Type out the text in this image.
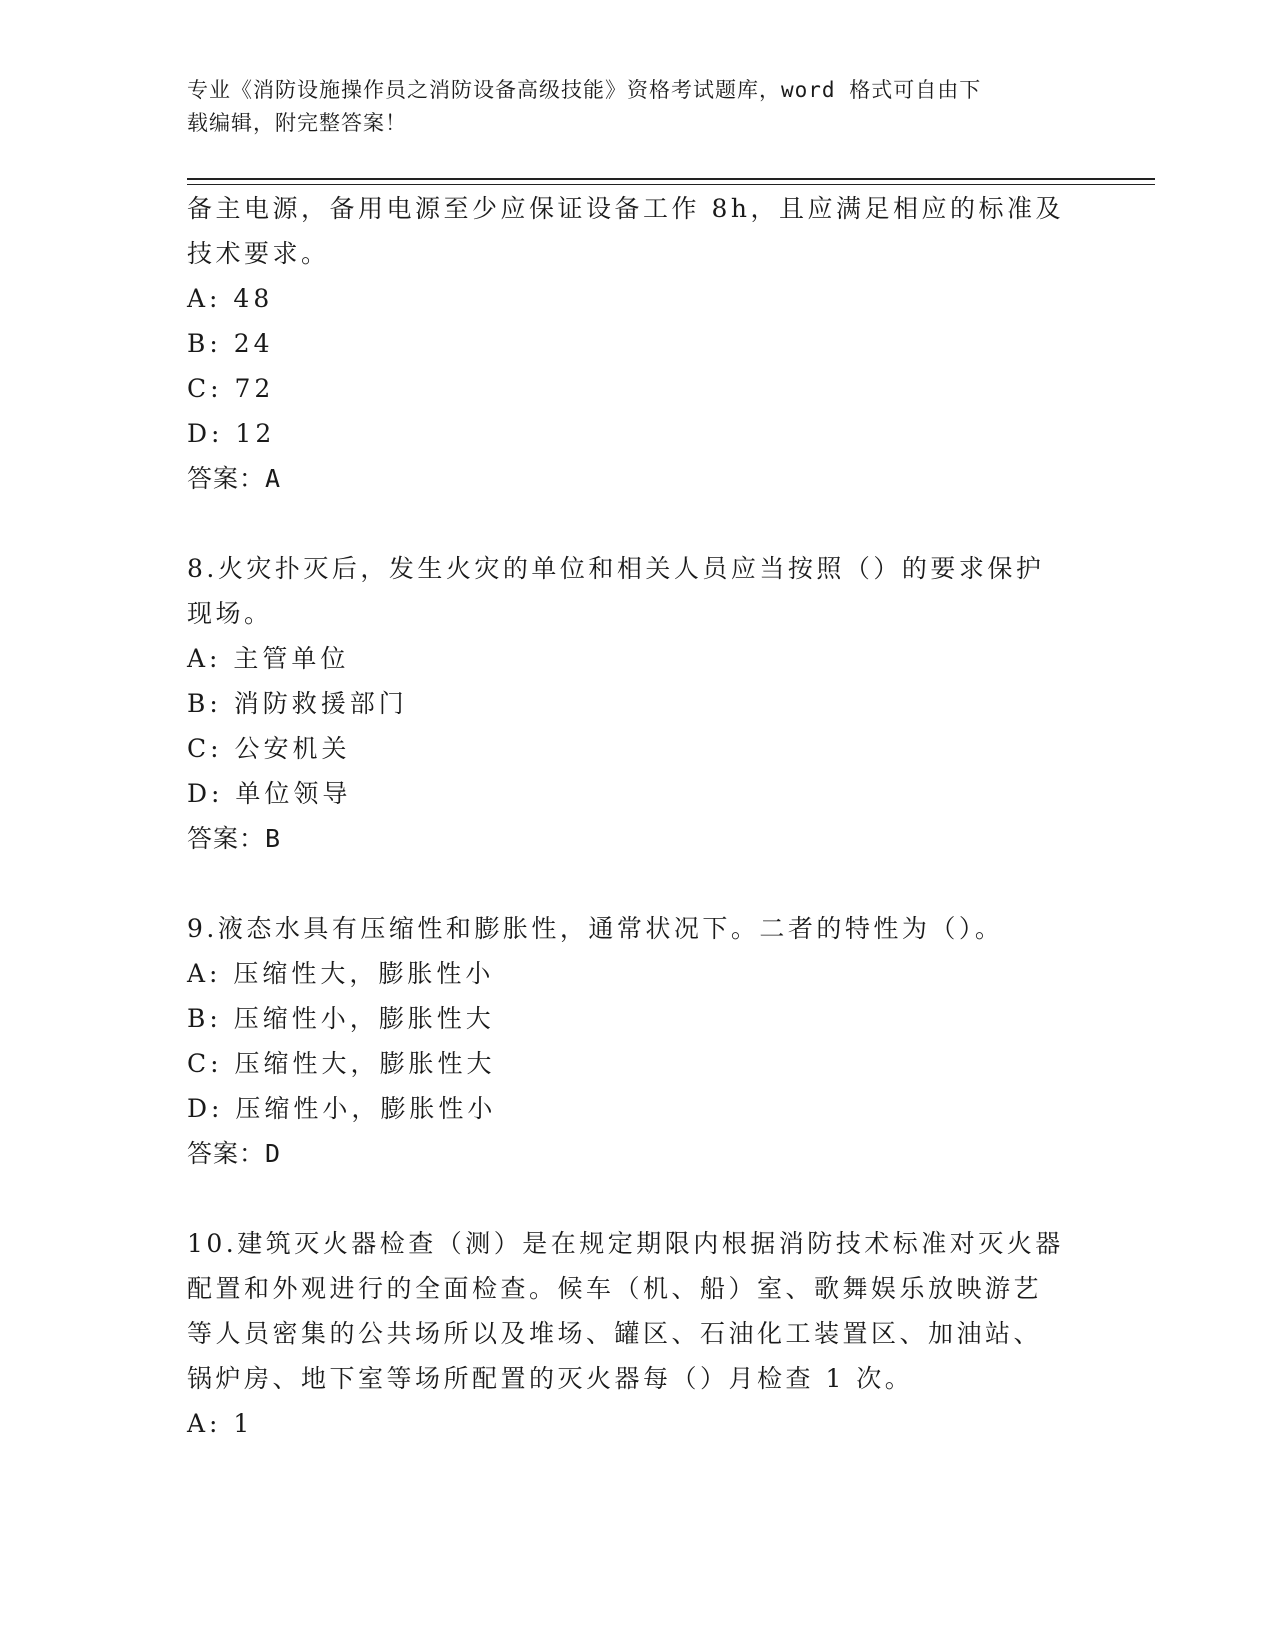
专业《消防设施操作员之消防设备高级技能》资格考试题库，word 格式可自由下
载编辑，附完整答案！
备主电源，备用电源至少应保证设备工作 8h，且应满足相应的标准及
技术要求。
A: 48
B: 24
C: 72
D: 12
答案：A
8.火灾扑灭后，发生火灾的单位和相关人员应当按照（）的要求保护
现场。
A: 主管单位
B: 消防救援部门
C: 公安机关
D: 单位领导
答案：B
9.液态水具有压缩性和膨胀性，通常状况下。二者的特性为（）。
A: 压缩性大，膨胀性小
B: 压缩性小，膨胀性大
C: 压缩性大，膨胀性大
D: 压缩性小，膨胀性小
答案：D
10.建筑灭火器检查（测）是在规定期限内根据消防技术标准对灭火器
配置和外观进行的全面检查。候车（机、船）室、歌舞娱乐放映游艺
等人员密集的公共场所以及堆场、罐区、石油化工装置区、加油站、
锅炉房、地下室等场所配置的灭火器每（）月检查 1 次。
A: 1
